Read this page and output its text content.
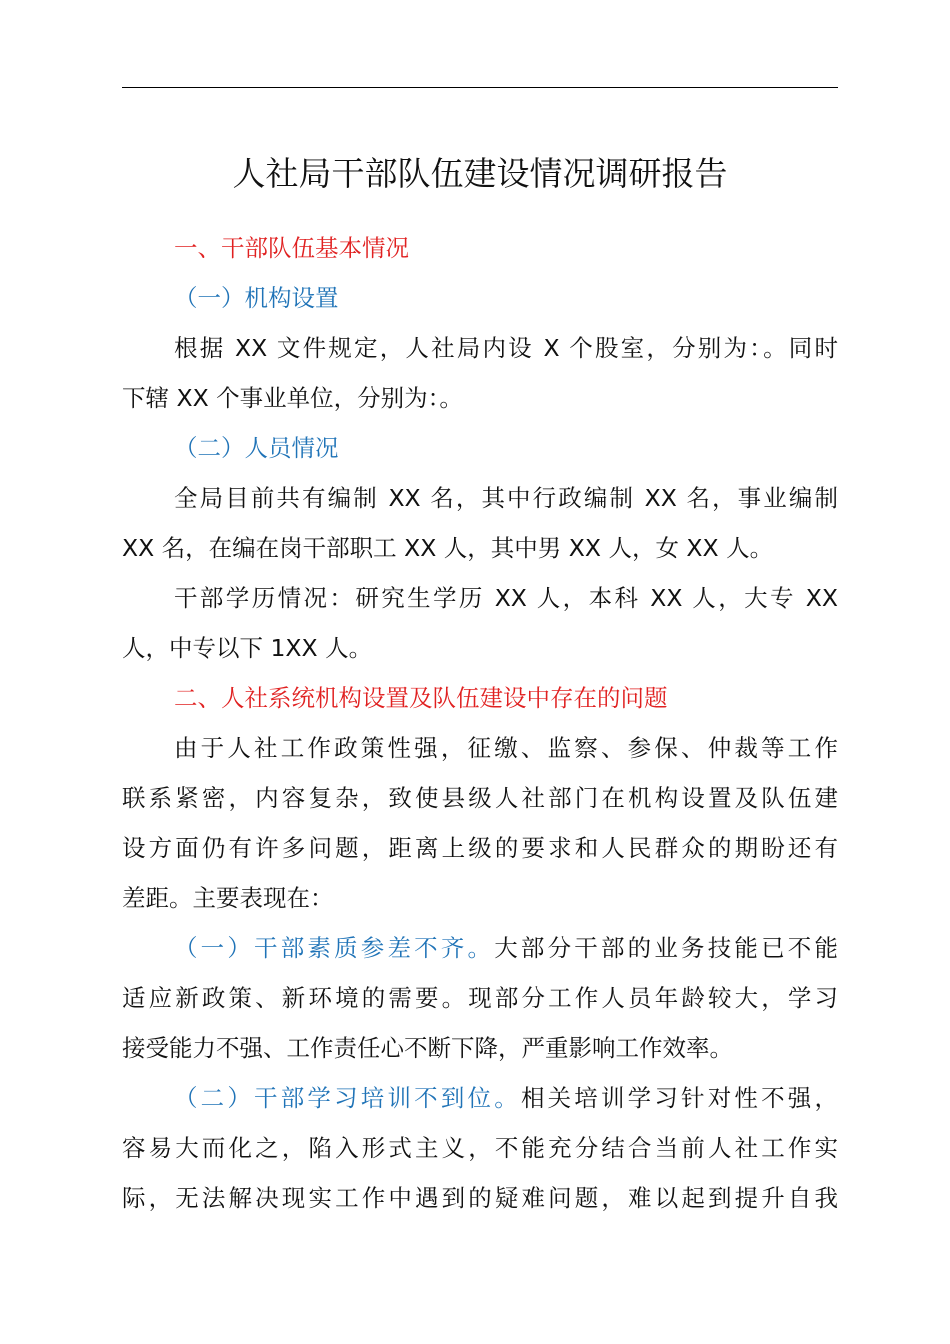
人社局干部队伍建设情况调研报告
一、干部队伍基本情况
（一）机构设置
根据 XX 文件规定，人社局内设 X 个股室，分别为：。同时
下辖 XX 个事业单位，分别为：。
（二）人员情况
全局目前共有编制 XX 名，其中行政编制 XX 名，事业编制
XX 名，在编在岗干部职工 XX 人，其中男 XX 人，女 XX 人。
干部学历情况：研究生学历 XX 人，本科 XX 人，大专 XX
人，中专以下 1XX 人。
二、人社系统机构设置及队伍建设中存在的问题
由于人社工作政策性强，征缴、监察、参保、仲裁等工作
联系紧密，内容复杂，致使县级人社部门在机构设置及队伍建
设方面仍有许多问题，距离上级的要求和人民群众的期盼还有
差距。主要表现在：
（一）干部素质参差不齐。大部分干部的业务技能已不能
适应新政策、新环境的需要。现部分工作人员年龄较大，学习
接受能力不强、工作责任心不断下降，严重影响工作效率。
（二）干部学习培训不到位。相关培训学习针对性不强，
容易大而化之，陷入形式主义，不能充分结合当前人社工作实
际，无法解决现实工作中遇到的疑难问题，难以起到提升自我
